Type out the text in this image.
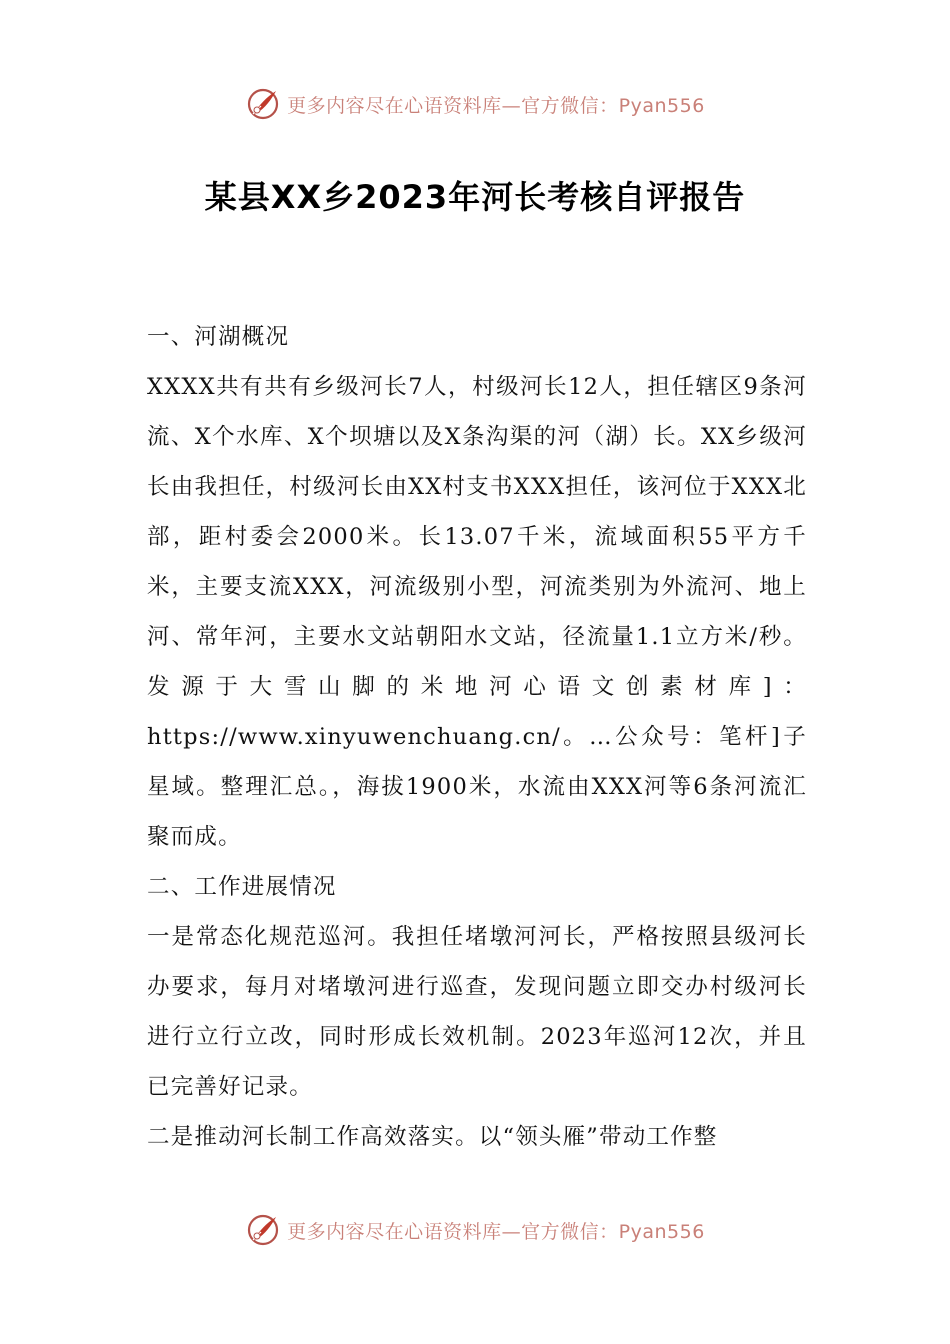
更多内容尽在心语资料库—官方微信：Pyan556
某县XX乡2023年河长考核自评报告

一、河湖概况

XXXX共有共有乡级河长7人，村级河长12人，担任辖区9条河流、X个水库、X个坝塘以及X条沟渠的河（湖）长。XX乡级河长由我担任，村级河长由XX村支书XXX担任，该河位于XXX北部，距村委会2000米。长13.07千米，流域面积55平方千米，主要支流XXX，河流级别小型，河流类别为外流河、地上河、常年河，主要水文站朝阳水文站，径流量1.1立方米/秒。发源于大雪山脚的米地河心语文创素材库]：https://www.xinyuwenchuang.cn/。…公众号：笔杆]子星域。整理汇总。，海拔1900米，水流由XXX河等6条河流汇聚而成。

二、工作进展情况

一是常态化规范巡河。我担任堵墩河河长，严格按照县级河长办要求，每月对堵墩河进行巡查，发现问题立即交办村级河长进行立行立改，同时形成长效机制。2023年巡河12次，并且已完善好记录。

二是推动河长制工作高效落实。以“领头雁”带动工作整

更多内容尽在心语资料库—官方微信：Pyan556
